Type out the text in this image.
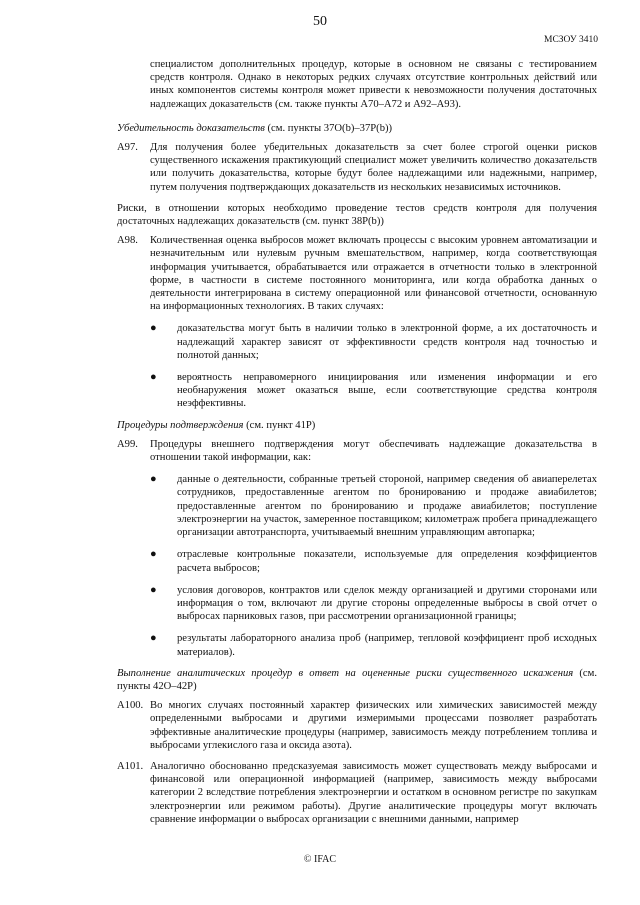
50
МСЗОУ 3410

специалистом дополнительных процедур, которые в основном не связаны с тестированием средств контроля. Однако в некоторых редких случаях отсутствие контрольных действий или иных компонентов системы контроля может привести к невозможности получения достаточных надлежащих доказательств (см. также пункты А70–А72 и А92–А93).

Убедительность доказательств (см. пункты 37О(b)–37Р(b))

А97.	Для получения более убедительных доказательств за счет более строгой оценки рисков существенного искажения практикующий специалист может увеличить количество доказательств или получить доказательства, которые будут более надлежащими или надежными, например, путем получения подтверждающих доказательств из нескольких независимых источников.

Риски, в отношении которых необходимо проведение тестов средств контроля для получения достаточных надлежащих доказательств (см. пункт 38Р(b))

А98.	Количественная оценка выбросов может включать процессы с высоким уровнем автоматизации и незначительным или нулевым ручным вмешательством, например, когда соответствующая информация учитывается, обрабатывается или отражается в отчетности только в электронной форме, в частности в системе постоянного мониторинга, или когда обработка данных о деятельности интегрирована в систему операционной или финансовой отчетности, основанную на информационных технологиях. В таких случаях:

●	доказательства могут быть в наличии только в электронной форме, а их достаточность и надлежащий характер зависят от эффективности средств контроля над точностью и полнотой данных;

●	вероятность неправомерного инициирования или изменения информации и его необнаружения может оказаться выше, если соответствующие средства контроля неэффективны.

Процедуры подтверждения (см. пункт 41Р)

А99.	Процедуры внешнего подтверждения могут обеспечивать надлежащие доказательства в отношении такой информации, как:

●	данные о деятельности, собранные третьей стороной, например сведения об авиаперелетах сотрудников, предоставленные агентом по бронированию и продаже авиабилетов; предоставленные агентом по бронированию и продаже авиабилетов; поступление электроэнергии на участок, замеренное поставщиком; километраж пробега принадлежащего организации автотранспорта, учитываемый внешним управляющим автопарка;

●	отраслевые контрольные показатели, используемые для определения коэффициентов расчета выбросов;

●	условия договоров, контрактов или сделок между организацией и другими сторонами или информация о том, включают ли другие стороны определенные выбросы в свой отчет о выбросах парниковых газов, при рассмотрении организационной границы;

●	результаты лабораторного анализа проб (например, тепловой коэффициент проб исходных материалов).

Выполнение аналитических процедур в ответ на оцененные риски существенного искажения (см. пункты 42О–42Р)

А100. Во многих случаях постоянный характер физических или химических зависимостей между определенными выбросами и другими измеримыми процессами позволяет разработать эффективные аналитические процедуры (например, зависимость между потреблением топлива и выбросами углекислого газа и оксида азота).

А101. Аналогично обоснованно предсказуемая зависимость может существовать между выбросами и финансовой или операционной информацией (например, зависимость между выбросами категории 2 вследствие потребления электроэнергии и остатком в основном регистре по закупкам электроэнергии или режимом работы). Другие аналитические процедуры могут включать сравнение информации о выбросах организации с внешними данными, например

© IFAC
